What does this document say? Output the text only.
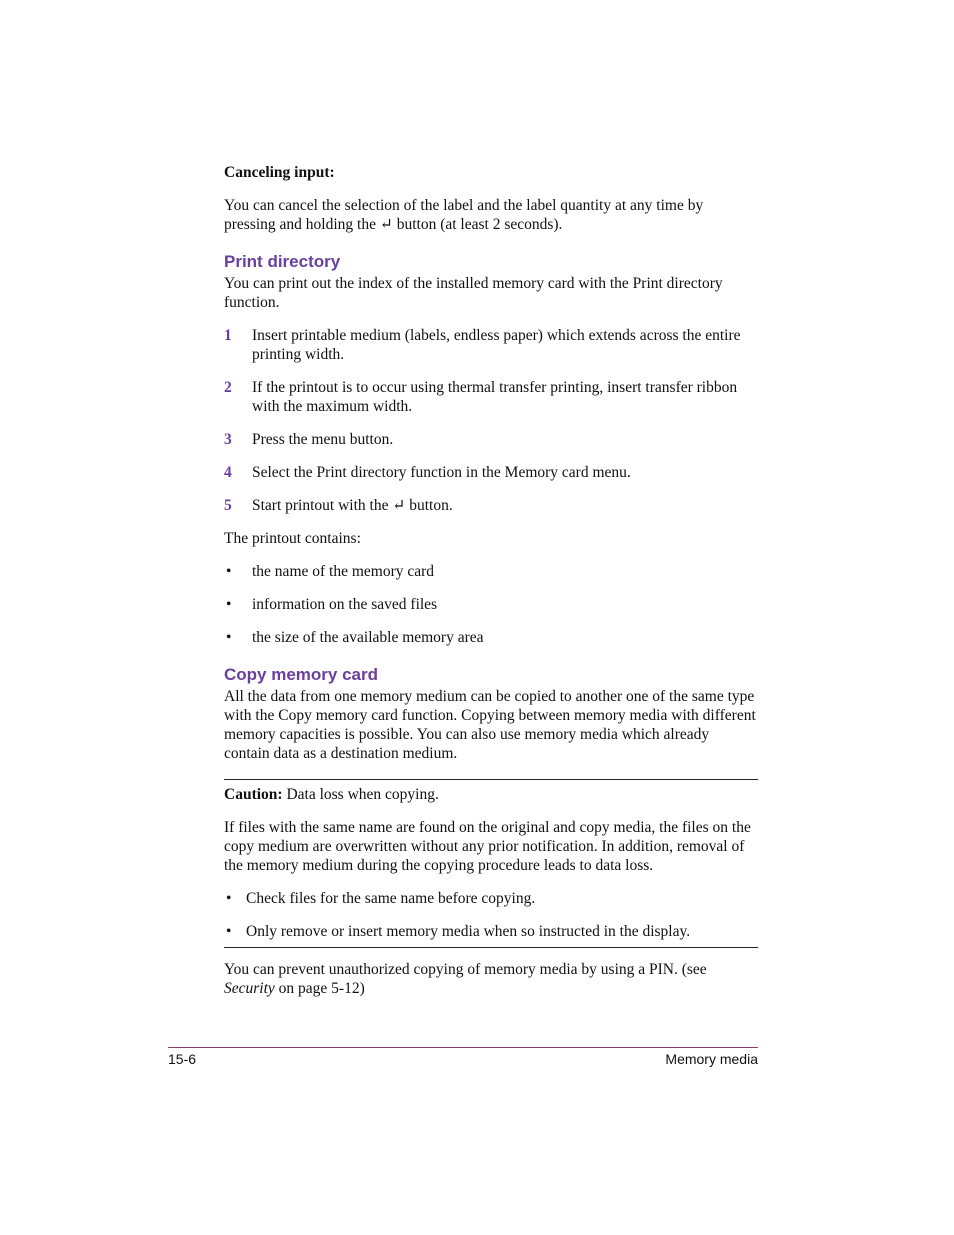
Canceling input:

You can cancel the selection of the label and the label quantity at any time by pressing and holding the ↵ button (at least 2 seconds).

Print directory

You can print out the index of the installed memory card with the Print directory function.

1	Insert printable medium (labels, endless paper) which extends across the entire printing width.
2	If the printout is to occur using thermal transfer printing, insert transfer ribbon with the maximum width.
3	Press the menu button.
4	Select the Print directory function in the Memory card menu.
5	Start printout with the ↵ button.

The printout contains:

•	the name of the memory card
•	information on the saved files
•	the size of the available memory area

Copy memory card

All the data from one memory medium can be copied to another one of the same type with the Copy memory card function. Copying between memory media with different memory capacities is possible. You can also use memory media which already contain data as a destination medium.

Caution: Data loss when copying.

If files with the same name are found on the original and copy media, the files on the copy medium are overwritten without any prior notification. In addition, removal of the memory medium during the copying procedure leads to data loss.

• Check files for the same name before copying.
• Only remove or insert memory media when so instructed in the display.

You can prevent unauthorized copying of memory media by using a PIN. (see Security on page 5-12)

15-6	Memory media
